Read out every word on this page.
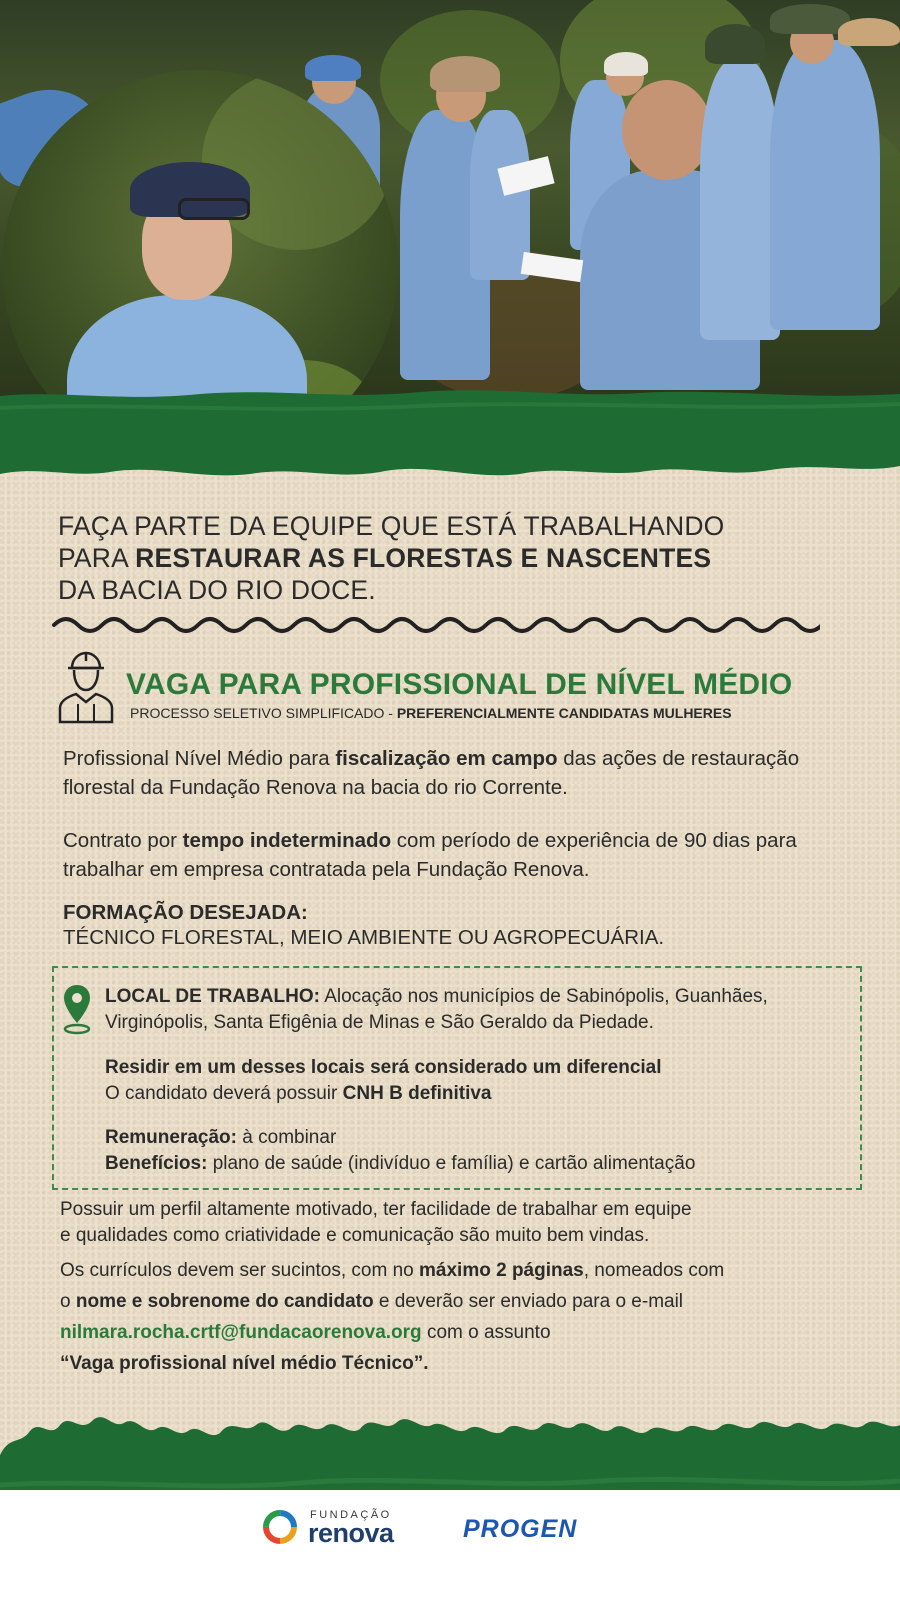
FAÇA PARTE DA EQUIPE QUE ESTÁ TRABALHANDO
PARA RESTAURAR AS FLORESTAS E NASCENTES
DA BACIA DO RIO DOCE.
VAGA PARA PROFISSIONAL DE NÍVEL MÉDIO
PROCESSO SELETIVO SIMPLIFICADO - PREFERENCIALMENTE CANDIDATAS MULHERES
Profissional Nível Médio para fiscalização em campo das ações de restauração florestal da Fundação Renova na bacia do rio Corrente.
Contrato por tempo indeterminado com período de experiência de 90 dias para trabalhar em empresa contratada pela Fundação Renova.
FORMAÇÃO DESEJADA:
TÉCNICO FLORESTAL, MEIO AMBIENTE OU AGROPECUÁRIA.
LOCAL DE TRABALHO: Alocação nos municípios de Sabinópolis, Guanhães, Virginópolis, Santa Efigênia de Minas e São Geraldo da Piedade.
Residir em um desses locais será considerado um diferencial
O candidato deverá possuir CNH B definitiva
Remuneração: à combinar
Benefícios: plano de saúde (indivíduo e família) e cartão alimentação
Possuir um perfil altamente motivado, ter facilidade de trabalhar em equipe
e qualidades como criatividade e comunicação são muito bem vindas.
Os currículos devem ser sucintos, com no máximo 2 páginas, nomeados com
o nome e sobrenome do candidato e deverão ser enviado para o e-mail
nilmara.rocha.crtf@fundacaorenova.org com o assunto
“Vaga profissional nível médio Técnico”.
FUNDAÇÃO
renova	PROGEN
